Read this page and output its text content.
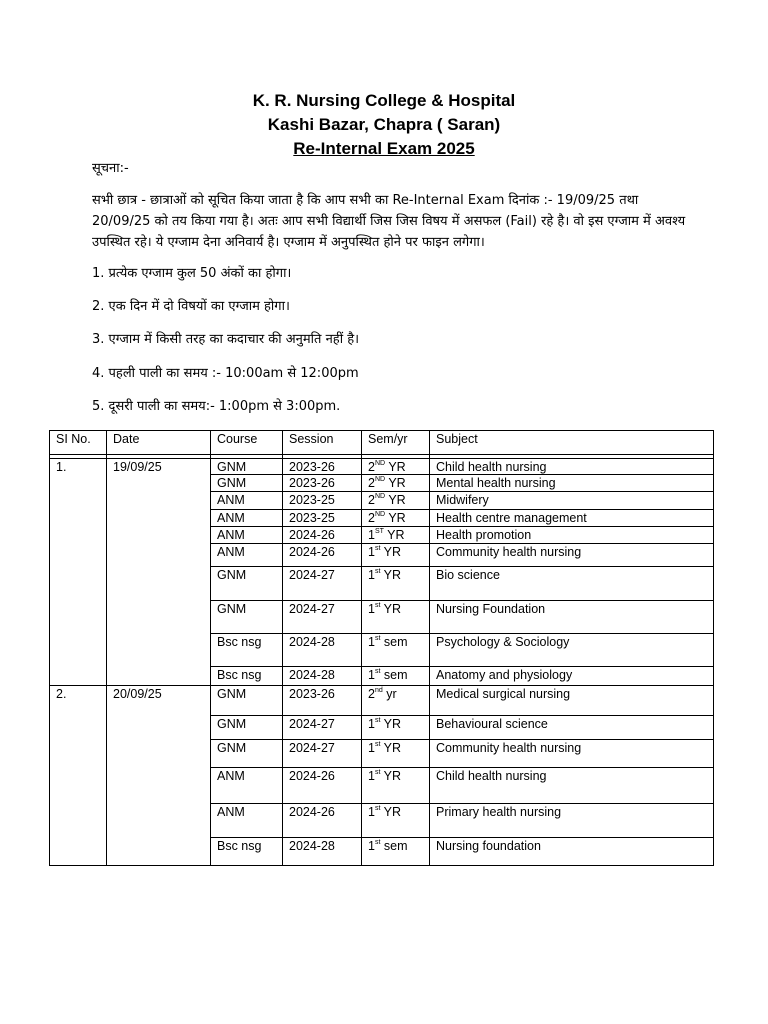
K. R. Nursing College & Hospital
Kashi Bazar, Chapra ( Saran)
Re-Internal Exam 2025
सूचना:-
सभी छात्र - छात्राओं को सूचित किया जाता है कि आप सभी का Re-Internal Exam दिनांक :- 19/09/25 तथा 20/09/25 को तय किया गया है। अतः आप सभी विद्यार्थी जिस जिस विषय में असफल (Fail) रहे है। वो इस एग्जाम में अवश्य उपस्थित रहे। ये एग्जाम देना अनिवार्य है। एग्जाम में अनुपस्थित होने पर फाइन लगेगा।
1. प्रत्येक एग्जाम कुल 50 अंकों का होगा।
2. एक दिन में दो विषयों का एग्जाम होगा।
3. एग्जाम में किसी तरह का कदाचार की अनुमति नहीं है।
4. पहली पाली का समय :- 10:00am से 12:00pm
5. दूसरी पाली का समय:- 1:00pm से 3:00pm.
SI No.	Date	Course	Session	Sem/yr	Subject

1.	19/09/25	GNM	2023-26	2ND YR	Child health nursing
		GNM	2023-26	2ND YR	Mental health nursing
		ANM	2023-25	2ND YR	Midwifery
		ANM	2023-25	2ND YR	Health centre management
		ANM	2024-26	1ST YR	Health promotion
		ANM	2024-26	1st YR	Community health nursing
		GNM	2024-27	1st YR	Bio science
		GNM	2024-27	1st YR	Nursing Foundation
		Bsc nsg	2024-28	1st sem	Psychology & Sociology
		Bsc nsg	2024-28	1st sem	Anatomy and physiology
2.	20/09/25	GNM	2023-26	2nd yr	Medical surgical nursing
		GNM	2024-27	1st YR	Behavioural science
		GNM	2024-27	1st YR	Community health nursing
		ANM	2024-26	1st YR	Child health nursing
		ANM	2024-26	1st YR	Primary health nursing
		Bsc nsg	2024-28	1st sem	Nursing foundation
